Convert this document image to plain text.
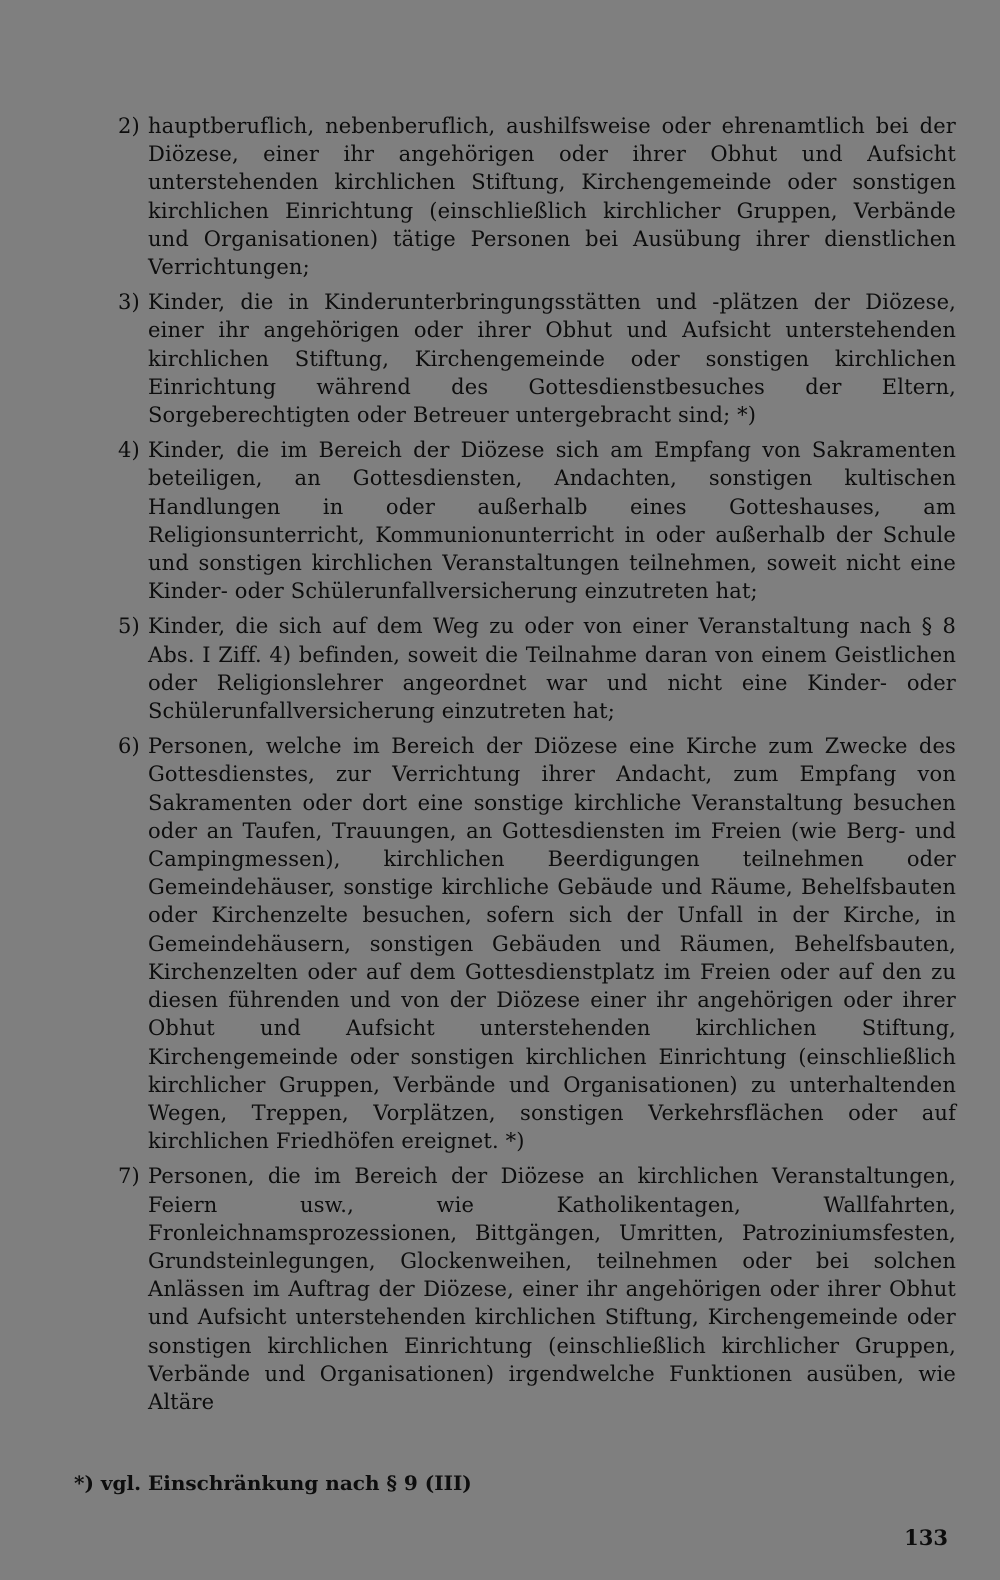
2) hauptberuflich, nebenberuflich, aushilfsweise oder ehrenamtlich bei der Diözese, einer ihr angehörigen oder ihrer Obhut und Aufsicht unterstehenden kirchlichen Stiftung, Kirchengemeinde oder sonstigen kirchlichen Einrichtung (einschließlich kirchlicher Gruppen, Verbände und Organisationen) tätige Personen bei Ausübung ihrer dienstlichen Verrichtungen;
3) Kinder, die in Kinderunterbringungsstätten und -plätzen der Diözese, einer ihr angehörigen oder ihrer Obhut und Aufsicht unterstehenden kirchlichen Stiftung, Kirchengemeinde oder sonstigen kirchlichen Einrichtung während des Gottesdienstbesuches der Eltern, Sorgeberechtigten oder Betreuer untergebracht sind; *)
4) Kinder, die im Bereich der Diözese sich am Empfang von Sakramenten beteiligen, an Gottesdiensten, Andachten, sonstigen kultischen Handlungen in oder außerhalb eines Gotteshauses, am Religionsunterricht, Kommunionunterricht in oder außerhalb der Schule und sonstigen kirchlichen Veranstaltungen teilnehmen, soweit nicht eine Kinder- oder Schülerunfallversicherung einzutreten hat;
5) Kinder, die sich auf dem Weg zu oder von einer Veranstaltung nach § 8 Abs. I Ziff. 4) befinden, soweit die Teilnahme daran von einem Geistlichen oder Religionslehrer angeordnet war und nicht eine Kinder- oder Schülerunfallversicherung einzutreten hat;
6) Personen, welche im Bereich der Diözese eine Kirche zum Zwecke des Gottesdienstes, zur Verrichtung ihrer Andacht, zum Empfang von Sakramenten oder dort eine sonstige kirchliche Veranstaltung besuchen oder an Taufen, Trauungen, an Gottesdiensten im Freien (wie Berg- und Campingmessen), kirchlichen Beerdigungen teilnehmen oder Gemeindehäuser, sonstige kirchliche Gebäude und Räume, Behelfsbauten oder Kirchenzelte besuchen, sofern sich der Unfall in der Kirche, in Gemeindehäusern, sonstigen Gebäuden und Räumen, Behelfsbauten, Kirchenzelten oder auf dem Gottesdienstplatz im Freien oder auf den zu diesen führenden und von der Diözese einer ihr angehörigen oder ihrer Obhut und Aufsicht unterstehenden kirchlichen Stiftung, Kirchengemeinde oder sonstigen kirchlichen Einrichtung (einschließlich kirchlicher Gruppen, Verbände und Organisationen) zu unterhaltenden Wegen, Treppen, Vorplätzen, sonstigen Verkehrsflächen oder auf kirchlichen Friedhöfen ereignet. *)
7) Personen, die im Bereich der Diözese an kirchlichen Veranstaltungen, Feiern usw., wie Katholikentagen, Wallfahrten, Fronleichnamsprozessionen, Bittgängen, Umritten, Patroziniumsfesten, Grundsteinlegungen, Glockenweihen, teilnehmen oder bei solchen Anlässen im Auftrag der Diözese, einer ihr angehörigen oder ihrer Obhut und Aufsicht unterstehenden kirchlichen Stiftung, Kirchengemeinde oder sonstigen kirchlichen Einrichtung (einschließlich kirchlicher Gruppen, Verbände und Organisationen) irgendwelche Funktionen ausüben, wie Altäre
*) vgl. Einschränkung nach § 9 (III)
133
